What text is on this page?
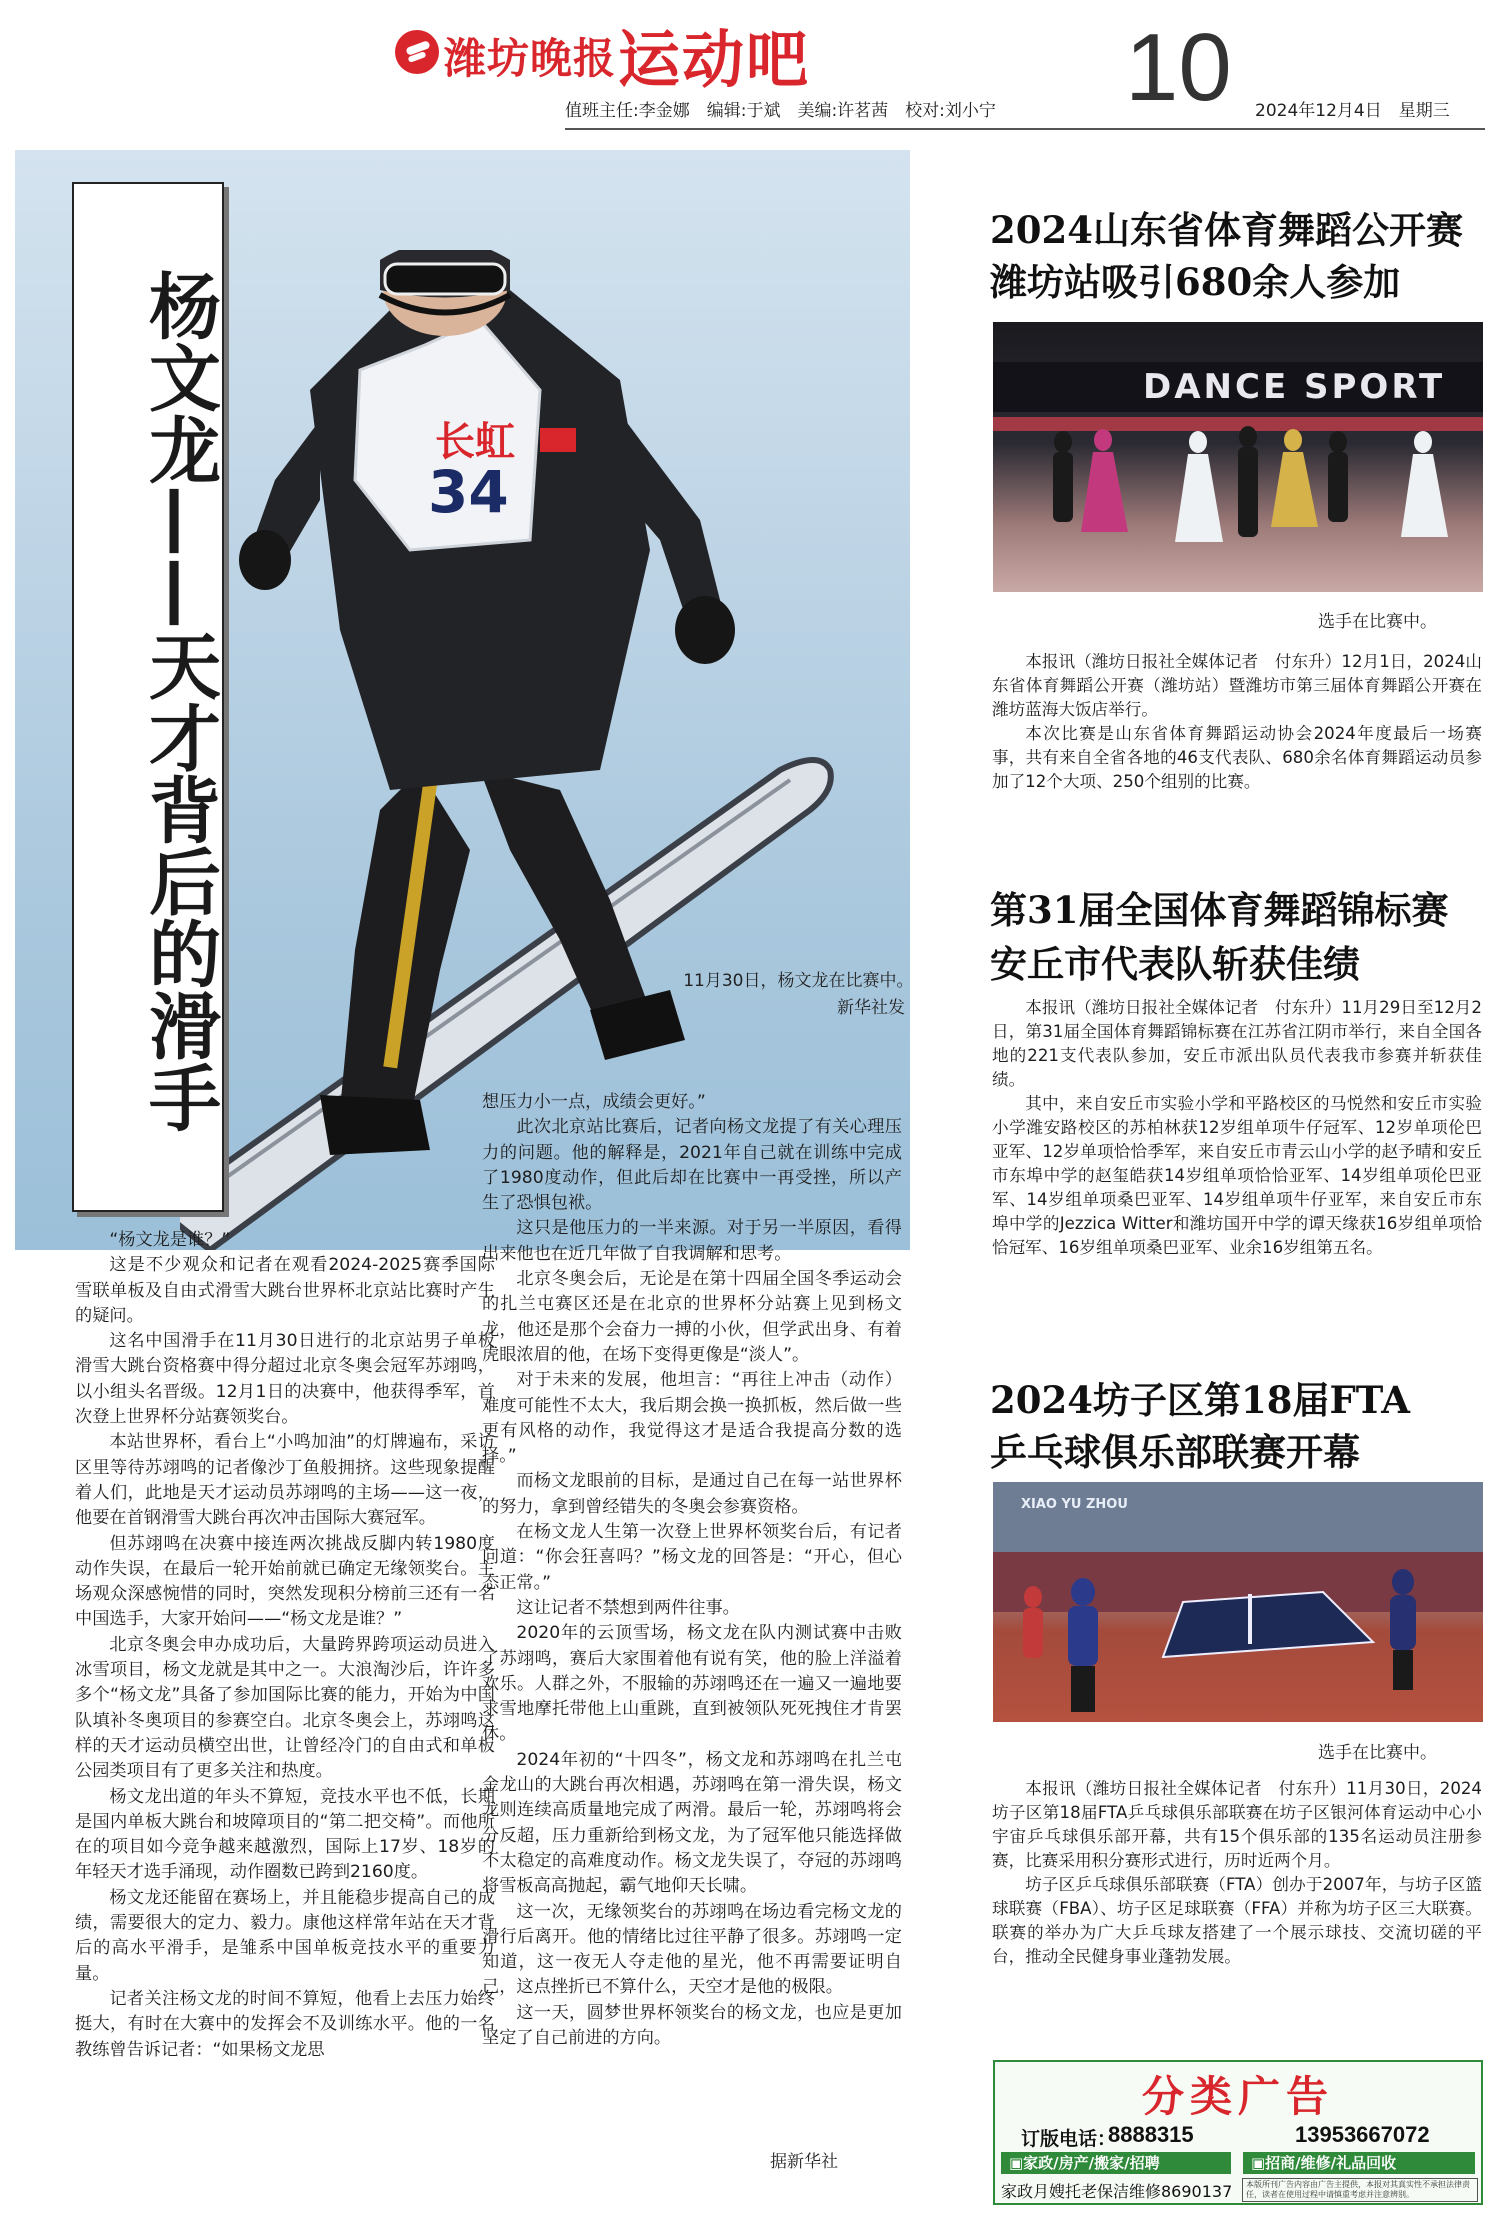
潍坊晚报 运动吧
值班主任:李金娜　编辑:于斌　美编:许茗茜　校对:刘小宁 10 2024年12月4日　星期三
长虹
34
杨文龙——天才背后的滑手	11月30日，杨文龙在比赛中。　新华社发

“杨文龙是谁？”

这是不少观众和记者在观看2024-2025赛季国际雪联单板及自由式滑雪大跳台世界杯北京站比赛时产生的疑问。

这名中国滑手在11月30日进行的北京站男子单板滑雪大跳台资格赛中得分超过北京冬奥会冠军苏翊鸣，以小组头名晋级。12月1日的决赛中，他获得季军，首次登上世界杯分站赛领奖台。

本站世界杯，看台上“小鸣加油”的灯牌遍布，采访区里等待苏翊鸣的记者像沙丁鱼般拥挤。这些现象提醒着人们，此地是天才运动员苏翊鸣的主场——这一夜，他要在首钢滑雪大跳台再次冲击国际大赛冠军。

但苏翊鸣在决赛中接连两次挑战反脚内转1980度动作失误，在最后一轮开始前就已确定无缘领奖台。主场观众深感惋惜的同时，突然发现积分榜前三还有一名中国选手，大家开始问——“杨文龙是谁？”

北京冬奥会申办成功后，大量跨界跨项运动员进入冰雪项目，杨文龙就是其中之一。大浪淘沙后，许许多多个“杨文龙”具备了参加国际比赛的能力，开始为中国队填补冬奥项目的参赛空白。北京冬奥会上，苏翊鸣这样的天才运动员横空出世，让曾经冷门的自由式和单板公园类项目有了更多关注和热度。

杨文龙出道的年头不算短，竞技水平也不低，长期是国内单板大跳台和坡障项目的“第二把交椅”。而他所在的项目如今竞争越来越激烈，国际上17岁、18岁的年轻天才选手涌现，动作圈数已跨到2160度。

杨文龙还能留在赛场上，并且能稳步提高自己的成绩，需要很大的定力、毅力。康他这样常年站在天才背后的高水平滑手，是雏系中国单板竞技水平的重要力量。

记者关注杨文龙的时间不算短，他看上去压力始终挺大，有时在大赛中的发挥会不及训练水平。他的一名教练曾告诉记者：“如果杨文龙思

想压力小一点，成绩会更好。”

此次北京站比赛后，记者向杨文龙提了有关心理压力的问题。他的解释是，2021年自己就在训练中完成了1980度动作，但此后却在比赛中一再受挫，所以产生了恐惧包袱。

这只是他压力的一半来源。对于另一半原因，看得出来他也在近几年做了自我调解和思考。

北京冬奥会后，无论是在第十四届全国冬季运动会的扎兰屯赛区还是在北京的世界杯分站赛上见到杨文龙，他还是那个会奋力一搏的小伙，但学武出身、有着虎眼浓眉的他，在场下变得更像是“淡人”。

对于未来的发展，他坦言：“再往上冲击（动作）难度可能性不太大，我后期会换一换抓板，然后做一些更有风格的动作，我觉得这才是适合我提高分数的选择。”

而杨文龙眼前的目标，是通过自己在每一站世界杯的努力，拿到曾经错失的冬奥会参赛资格。

在杨文龙人生第一次登上世界杯领奖台后，有记者问道：“你会狂喜吗？”杨文龙的回答是：“开心，但心态正常。”

这让记者不禁想到两件往事。

2020年的云顶雪场，杨文龙在队内测试赛中击败了苏翊鸣，赛后大家围着他有说有笑，他的脸上洋溢着欢乐。人群之外，不服输的苏翊鸣还在一遍又一遍地要求雪地摩托带他上山重跳，直到被领队死死拽住才肯罢休。

2024年初的“十四冬”，杨文龙和苏翊鸣在扎兰屯金龙山的大跳台再次相遇，苏翊鸣在第一滑失误，杨文龙则连续高质量地完成了两滑。最后一轮，苏翊鸣将会分反超，压力重新给到杨文龙，为了冠军他只能选择做不太稳定的高难度动作。杨文龙失误了，夺冠的苏翊鸣将雪板高高抛起，霸气地仰天长啸。

这一次，无缘领奖台的苏翊鸣在场边看完杨文龙的滑行后离开。他的情绪比过往平静了很多。苏翊鸣一定知道，这一夜无人夺走他的星光，他不再需要证明自己，这点挫折已不算什么，天空才是他的极限。

这一天，圆梦世界杯领奖台的杨文龙，也应是更加坚定了自己前进的方向。

据新华社
2024山东省体育舞蹈公开赛
潍坊站吸引680余人参加
DANCE SPORT
选手在比赛中。

本报讯（潍坊日报社全媒体记者　付东升）12月1日，2024山东省体育舞蹈公开赛（潍坊站）暨潍坊市第三届体育舞蹈公开赛在潍坊蓝海大饭店举行。

本次比赛是山东省体育舞蹈运动协会2024年度最后一场赛事，共有来自全省各地的46支代表队、680余名体育舞蹈运动员参加了12个大项、250个组别的比赛。

第31届全国体育舞蹈锦标赛
安丘市代表队斩获佳绩

本报讯（潍坊日报社全媒体记者　付东升）11月29日至12月2日，第31届全国体育舞蹈锦标赛在江苏省江阴市举行，来自全国各地的221支代表队参加，安丘市派出队员代表我市参赛并斩获佳绩。

其中，来自安丘市实验小学和平路校区的马悦然和安丘市实验小学潍安路校区的苏柏林获12岁组单项牛仔冠军、12岁单项伦巴亚军、12岁单项恰恰季军，来自安丘市青云山小学的赵予晴和安丘市东埠中学的赵玺皓获14岁组单项恰恰亚军、14岁组单项伦巴亚军、14岁组单项桑巴亚军、14岁组单项牛仔亚军，来自安丘市东埠中学的Jezzica Witter和潍坊国开中学的谭天缘获16岁组单项恰恰冠军、16岁组单项桑巴亚军、业余16岁组第五名。

2024坊子区第18届FTA
乒乓球俱乐部联赛开幕
XIAO YU ZHOU
选手在比赛中。

本报讯（潍坊日报社全媒体记者　付东升）11月30日，2024坊子区第18届FTA乒乓球俱乐部联赛在坊子区银河体育运动中心小宇宙乒乓球俱乐部开幕，共有15个俱乐部的135名运动员注册参赛，比赛采用积分赛形式进行，历时近两个月。

坊子区乒乓球俱乐部联赛（FTA）创办于2007年，与坊子区篮球联赛（FBA）、坊子区足球联赛（FFA）并称为坊子区三大联赛。联赛的举办为广大乒乓球友搭建了一个展示球技、交流切磋的平台，推动全民健身事业蓬勃发展。

分类广告
订版电话：
8888315	13953667072
▣家政/房产/搬家/招聘	▣招商/维修/礼品回收
家政月嫂托老保洁维修8690137	本版所刊广告内容由广告主提供，本报对其真实性不承担法律责任，读者在使用过程中请慎重考虑并注意辨别。
